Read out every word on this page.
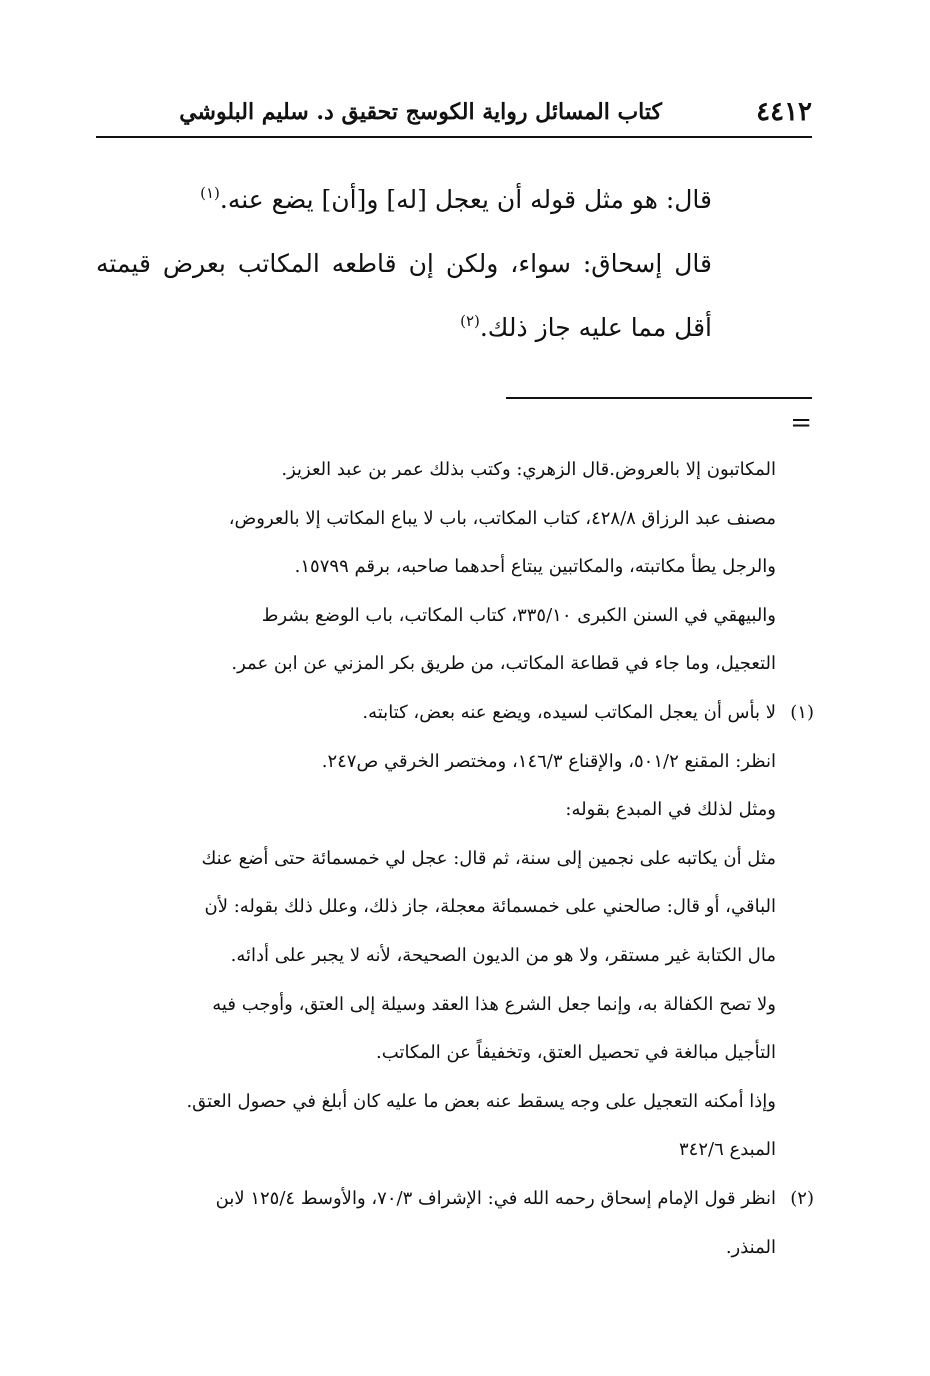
٤٤١٢
كتاب المسائل رواية الكوسج تحقيق د. سليم البلوشي

قال: هو مثل قوله أن يعجل [له] و[أن] يضع عنه.$^{(١)}$

قال إسحاق: سواء، ولكن إن قاطعه المكاتب بعرض قيمته أقل مما عليه جاز ذلك.$^{(٢)}$

=
المكاتبون إلا بالعروض.قال الزهري: وكتب بذلك عمر بن عبد العزيز.
مصنف عبد الرزاق ٤٢٨/٨، كتاب المكاتب، باب لا يباع المكاتب إلا بالعروض،
والرجل يطأ مكاتبته، والمكاتبين يبتاع أحدهما صاحبه، برقم ١٥٧٩٩.
والبيهقي في السنن الكبرى ٣٣٥/١٠، كتاب المكاتب، باب الوضع بشرط
التعجيل، وما جاء في قطاعة المكاتب، من طريق بكر المزني عن ابن عمر.
(١)لا بأس أن يعجل المكاتب لسيده، ويضع عنه بعض، كتابته.
انظر: المقنع ٥٠١/٢، والإقناع ١٤٦/٣، ومختصر الخرقي ص٢٤٧.
ومثل لذلك في المبدع بقوله:
مثل أن يكاتبه على نجمين إلى سنة، ثم قال: عجل لي خمسمائة حتى أضع عنك
الباقي، أو قال: صالحني على خمسمائة معجلة، جاز ذلك، وعلل ذلك بقوله: لأن
مال الكتابة غير مستقر، ولا هو من الديون الصحيحة، لأنه لا يجبر على أدائه.
ولا تصح الكفالة به، وإنما جعل الشرع هذا العقد وسيلة إلى العتق، وأوجب فيه
التأجيل مبالغة في تحصيل العتق، وتخفيفاً عن المكاتب.
وإذا أمكنه التعجيل على وجه يسقط عنه بعض ما عليه كان أبلغ في حصول العتق.
المبدع ٣٤٢/٦
(٢)انظر قول الإمام إسحاق رحمه الله في: الإشراف ٧٠/٣، والأوسط ١٢٥/٤ لابن
المنذر.
